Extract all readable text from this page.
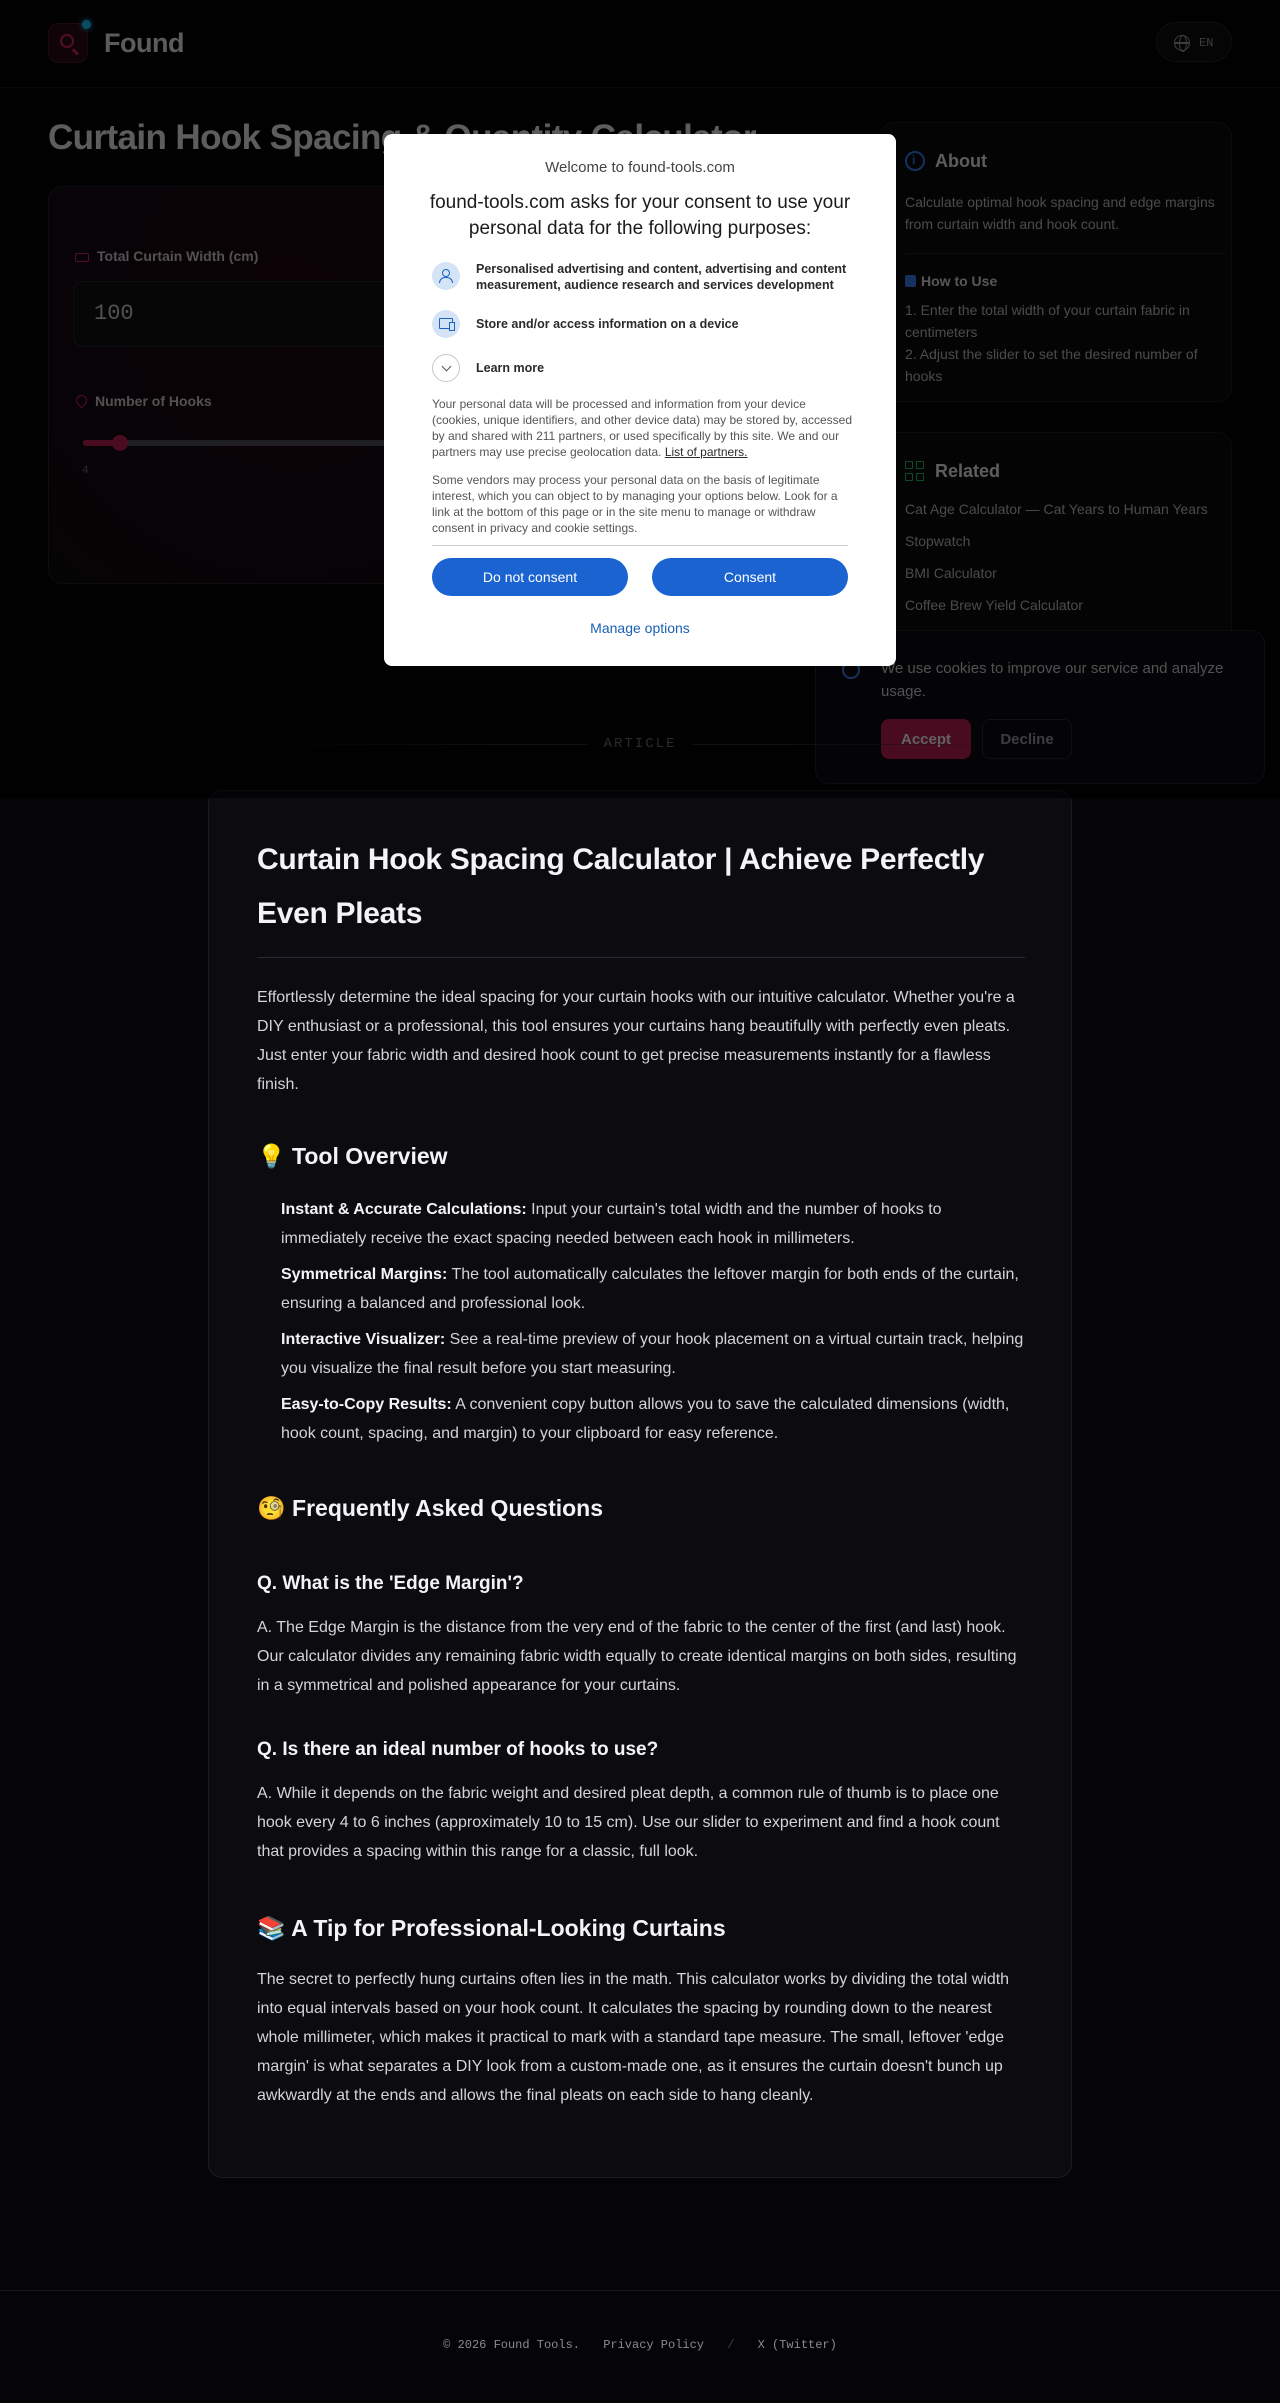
i
Curtain Hook Spacing Calculator | Achieve Perfectly Even Pleats
Effortlessly determine the ideal spacing for your curtain hooks with our intuitive calculator. Whether you're a DIY enthusiast or a professional, this tool ensures your curtains hang beautifully with perfectly even pleats. Just enter your fabric width and desired hook count to get precise measurements instantly for a flawless finish.
💡 Tool Overview
Instant & Accurate Calculations: Input your curtain's total width and the number of hooks to immediately receive the exact spacing needed between each hook in millimeters.
Symmetrical Margins: The tool automatically calculates the leftover margin for both ends of the curtain, ensuring a balanced and professional look.
Interactive Visualizer: See a real-time preview of your hook placement on a virtual curtain track, helping you visualize the final result before you start measuring.
Easy-to-Copy Results: A convenient copy button allows you to save the calculated dimensions (width, hook count, spacing, and margin) to your clipboard for easy reference.
🧐 Frequently Asked Questions
Q. What is the 'Edge Margin'?
A. The Edge Margin is the distance from the very end of the fabric to the center of the first (and last) hook. Our calculator divides any remaining fabric width equally to create identical margins on both sides, resulting in a symmetrical and polished appearance for your curtains.
Q. Is there an ideal number of hooks to use?
A. While it depends on the fabric weight and desired pleat depth, a common rule of thumb is to place one hook every 4 to 6 inches (approximately 10 to 15 cm). Use our slider to experiment and find a hook count that provides a spacing within this range for a classic, full look.
📚 A Tip for Professional-Looking Curtains
The secret to perfectly hung curtains often lies in the math. This calculator works by dividing the total width into equal intervals based on your hook count. It calculates the spacing by rounding down to the nearest whole millimeter, which makes it practical to mark with a standard tape measure. The small, leftover 'edge margin' is what separates a DIY look from a custom-made one, as it ensures the curtain doesn't bunch up awkwardly at the ends and allows the final pleats on each side to hang cleanly.
© 2026 Found Tools. Privacy Policy / X (Twitter)
Welcome to found-tools.com
found-tools.com asks for your consent to use your personal data for the following purposes:
Personalised advertising and content, advertising and content measurement, audience research and services development
Store and/or access information on a device
Learn more
Your personal data will be processed and information from your device (cookies, unique identifiers, and other device data) may be stored by, accessed by and shared with 211 partners, or used specifically by this site. We and our partners may use precise geolocation data. List of partners.
Some vendors may process your personal data on the basis of legitimate interest, which you can object to by managing your options below. Look for a link at the bottom of this page or in the site menu to manage or withdraw consent in privacy and cookie settings.
Do not consent	Consent
Manage options
